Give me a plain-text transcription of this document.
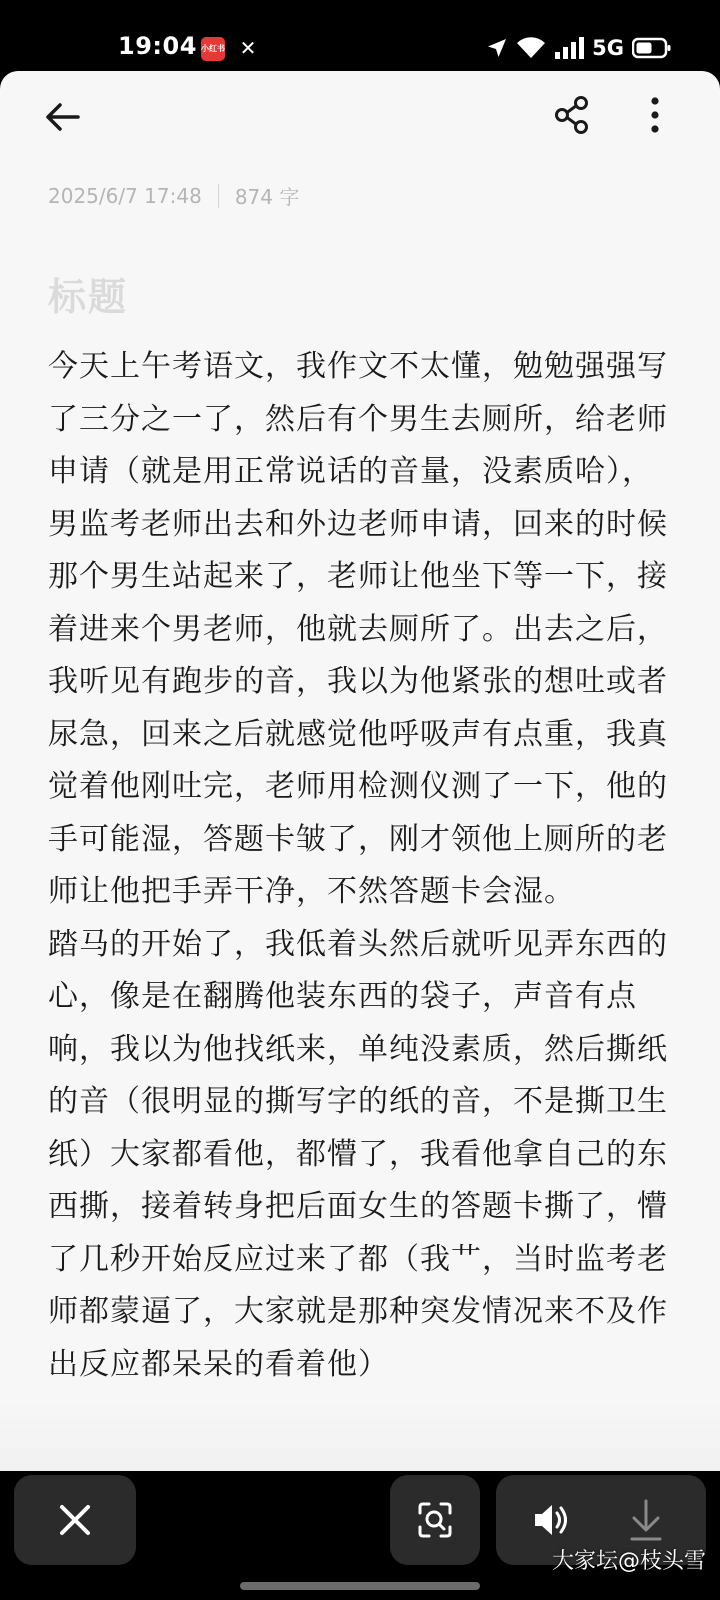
19:04 小红书 ✕	5G
2025/6/7 17:48 874 字
标题
今天上午考语文，我作文不太懂，勉勉强强写了三分之一了，然后有个男生去厕所，给老师申请（就是用正常说话的音量，没素质哈），男监考老师出去和外边老师申请，回来的时候那个男生站起来了，老师让他坐下等一下，接着进来个男老师，他就去厕所了。出去之后，我听见有跑步的音，我以为他紧张的想吐或者尿急，回来之后就感觉他呼吸声有点重，我真觉着他刚吐完，老师用检测仪测了一下，他的手可能湿，答题卡皱了，刚才领他上厕所的老师让他把手弄干净，不然答题卡会湿。
踏马的开始了，我低着头然后就听见弄东西的心，像是在翻腾他装东西的袋子，声音有点响，我以为他找纸来，单纯没素质，然后撕纸的音（很明显的撕写字的纸的音，不是撕卫生纸）大家都看他，都懵了，我看他拿自己的东西撕，接着转身把后面女生的答题卡撕了，懵了几秒开始反应过来了都（我艹，当时监考老师都蒙逼了，大家就是那种突发情况来不及作出反应都呆呆的看着他）
大家坛@枝头雪
